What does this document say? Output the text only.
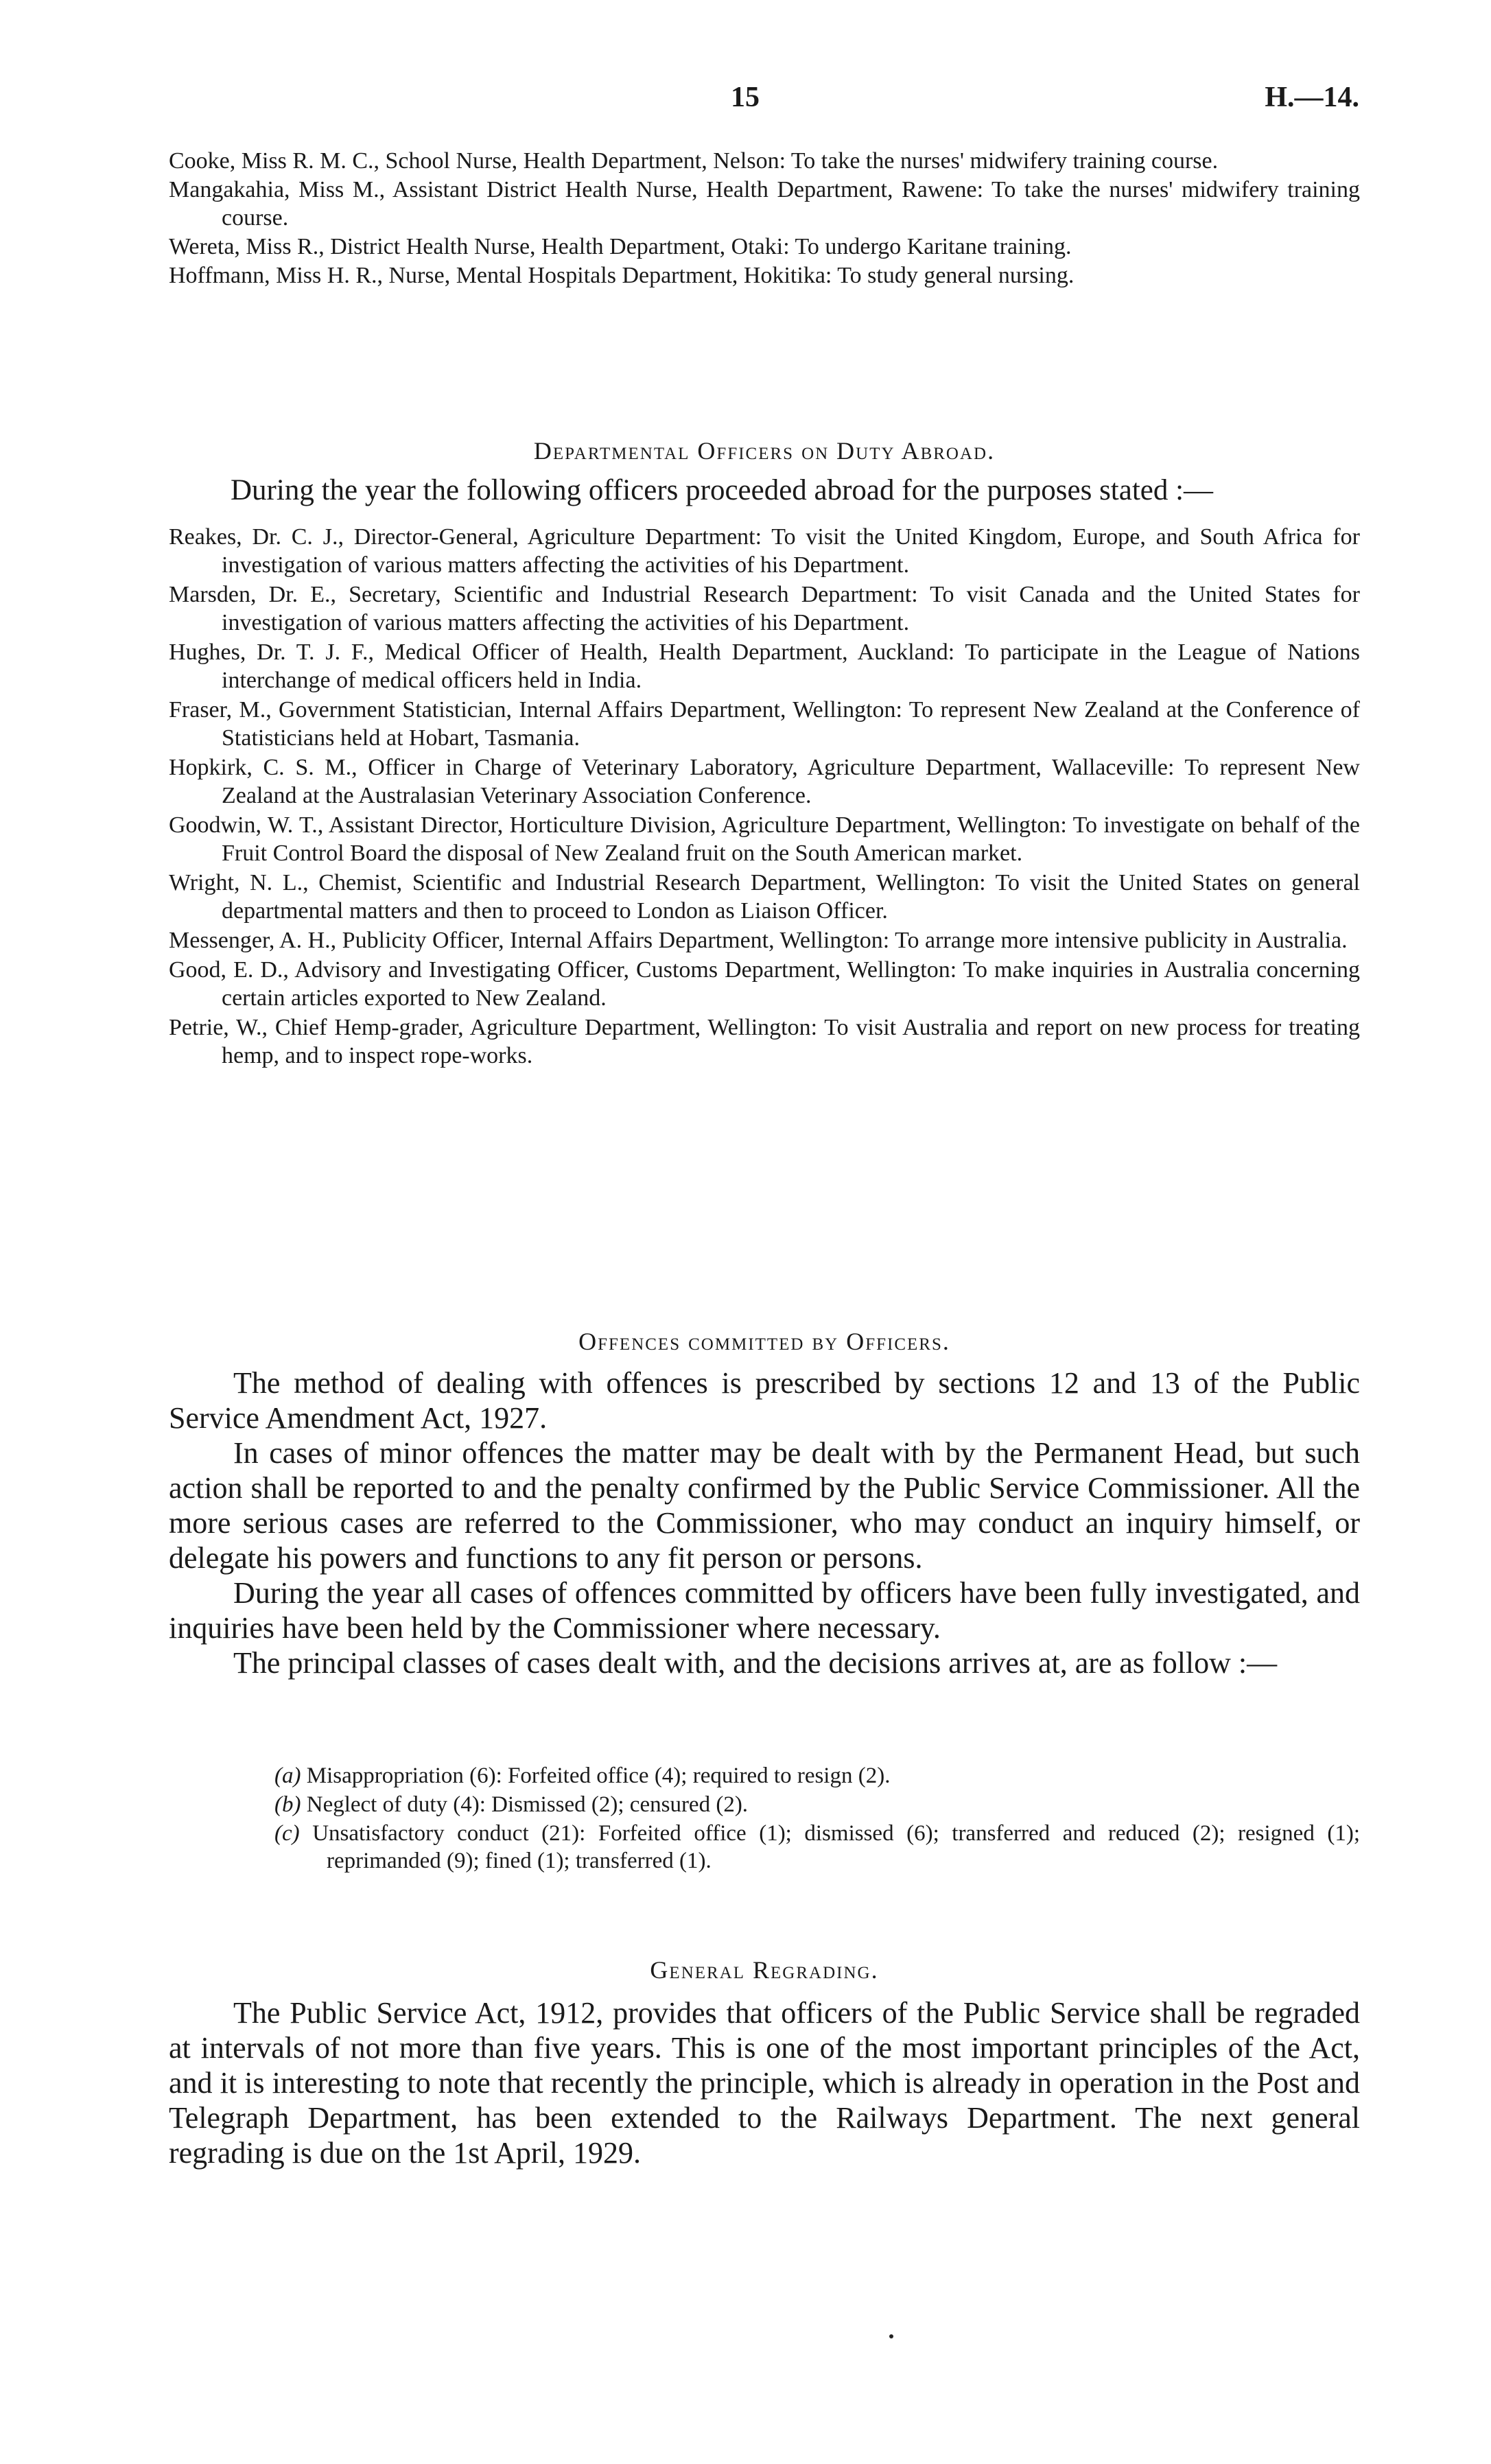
15	H.—14.

Cooke, Miss R. M. C., School Nurse, Health Department, Nelson: To take the nurses' midwifery training course.

Mangakahia, Miss M., Assistant District Health Nurse, Health Department, Rawene: To take the nurses' midwifery training course.

Wereta, Miss R., District Health Nurse, Health Department, Otaki: To undergo Karitane training.

Hoffmann, Miss H. R., Nurse, Mental Hospitals Department, Hokitika: To study general nursing.

Departmental Officers on Duty Abroad.
During the year the following officers proceeded abroad for the purposes stated :—

Reakes, Dr. C. J., Director-General, Agriculture Department: To visit the United Kingdom, Europe, and South Africa for investigation of various matters affecting the activities of his Department.

Marsden, Dr. E., Secretary, Scientific and Industrial Research Department: To visit Canada and the United States for investigation of various matters affecting the activities of his Department.

Hughes, Dr. T. J. F., Medical Officer of Health, Health Department, Auckland: To participate in the League of Nations interchange of medical officers held in India.

Fraser, M., Government Statistician, Internal Affairs Department, Wellington: To represent New Zealand at the Conference of Statisticians held at Hobart, Tasmania.

Hopkirk, C. S. M., Officer in Charge of Veterinary Laboratory, Agriculture Department, Wallaceville: To represent New Zealand at the Australasian Veterinary Association Conference.

Goodwin, W. T., Assistant Director, Horticulture Division, Agriculture Department, Wellington: To investigate on behalf of the Fruit Control Board the disposal of New Zealand fruit on the South American market.

Wright, N. L., Chemist, Scientific and Industrial Research Department, Wellington: To visit the United States on general departmental matters and then to proceed to London as Liaison Officer.

Messenger, A. H., Publicity Officer, Internal Affairs Department, Wellington: To arrange more intensive publicity in Australia.

Good, E. D., Advisory and Investigating Officer, Customs Department, Wellington: To make inquiries in Australia concerning certain articles exported to New Zealand.

Petrie, W., Chief Hemp-grader, Agriculture Department, Wellington: To visit Australia and report on new process for treating hemp, and to inspect rope-works.

Offences committed by Officers.

The method of dealing with offences is prescribed by sections 12 and 13 of the Public Service Amendment Act, 1927.

In cases of minor offences the matter may be dealt with by the Permanent Head, but such action shall be reported to and the penalty confirmed by the Public Service Commissioner. All the more serious cases are referred to the Commissioner, who may conduct an inquiry himself, or delegate his powers and functions to any fit person or persons.

During the year all cases of offences committed by officers have been fully investigated, and inquiries have been held by the Commissioner where necessary.

The principal classes of cases dealt with, and the decisions arrives at, are as follow :—

(a) Misappropriation (6): Forfeited office (4); required to resign (2).

(b) Neglect of duty (4): Dismissed (2); censured (2).

(c) Unsatisfactory conduct (21): Forfeited office (1); dismissed (6); transferred and reduced (2); resigned (1); reprimanded (9); fined (1); transferred (1).

General Regrading.

The Public Service Act, 1912, provides that officers of the Public Service shall be regraded at intervals of not more than five years. This is one of the most important principles of the Act, and it is interesting to note that recently the principle, which is already in operation in the Post and Telegraph Department, has been extended to the Railways Department. The next general regrading is due on the 1st April, 1929.
